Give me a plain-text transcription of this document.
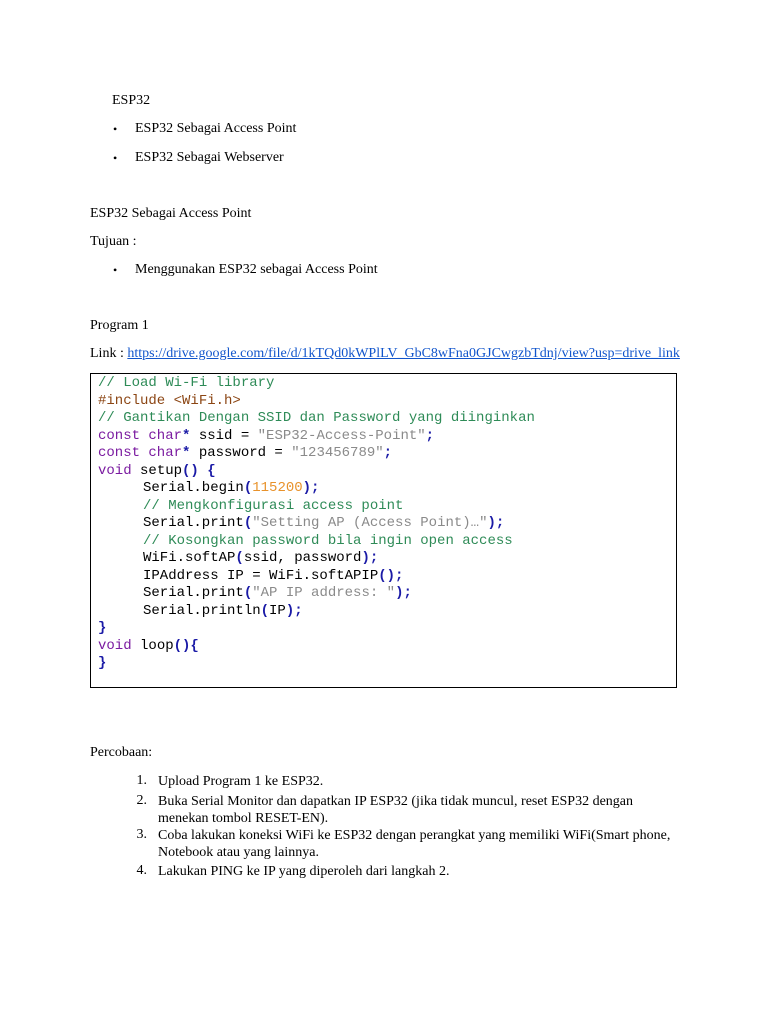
ESP32
• ESP32 Sebagai Access Point
• ESP32 Sebagai Webserver
ESP32 Sebagai Access Point
Tujuan :
• Menggunakan ESP32 sebagai Access Point
Program 1
Link : https://drive.google.com/file/d/1kTQd0kWPlLV_GbC8wFna0GJCwgzbTdnj/view?usp=drive_link
// Load Wi-Fi library
#include <WiFi.h>
// Gantikan Dengan SSID dan Password yang diinginkan
const char* ssid = "ESP32-Access-Point";
const char* password = "123456789";
void setup() {
Serial.begin(115200);
// Mengkonfigurasi access point
Serial.print("Setting AP (Access Point)…");
// Kosongkan password bila ingin open access
WiFi.softAP(ssid, password);
IPAddress IP = WiFi.softAPIP();
Serial.print("AP IP address: ");
Serial.println(IP);
}
void loop(){
}
Percobaan:
1. Upload Program 1 ke ESP32.
2. Buka Serial Monitor dan dapatkan IP ESP32 (jika tidak muncul, reset ESP32 dengan menekan tombol RESET-EN).
3. Coba lakukan koneksi WiFi ke ESP32 dengan perangkat yang memiliki WiFi(Smart phone, Notebook atau yang lainnya.
4. Lakukan PING ke IP yang diperoleh dari langkah 2.
